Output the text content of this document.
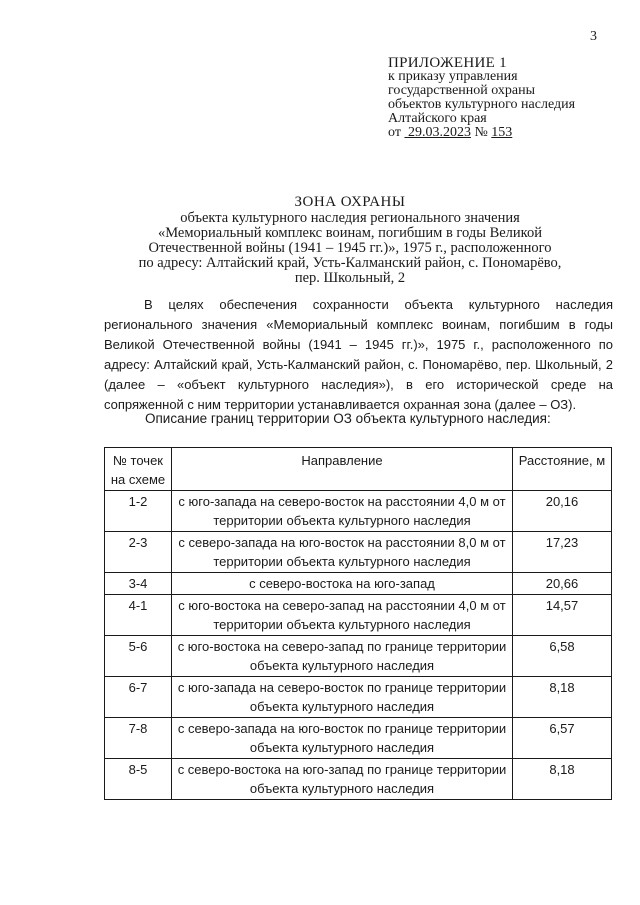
3
ПРИЛОЖЕНИЕ 1
к приказу управления
государственной охраны
объектов культурного наследия
Алтайского края
от 29.03.2023 № 153
ЗОНА ОХРАНЫ
объекта культурного наследия регионального значения
«Мемориальный комплекс воинам, погибшим в годы Великой
Отечественной войны (1941 – 1945 гг.)», 1975 г., расположенного
по адресу: Алтайский край, Усть-Калманский район, с. Пономарёво,
пер. Школьный, 2
В целях обеспечения сохранности объекта культурного наследия регионального значения «Мемориальный комплекс воинам, погибшим в годы Великой Отечественной войны (1941 – 1945 гг.)», 1975 г., расположенного по адресу: Алтайский край, Усть-Калманский район, с. Пономарёво, пер. Школьный, 2 (далее – «объект культурного наследия»), в его исторической среде на сопряженной с ним территории устанавливается охранная зона (далее – ОЗ).
Описание границ территории ОЗ объекта культурного наследия:
№ точек на схеме	Направление	Расстояние, м
1-2	с юго-запада на северо-восток на расстоянии 4,0 м от территории объекта культурного наследия	20,16
2-3	с северо-запада на юго-восток на расстоянии 8,0 м от территории объекта культурного наследия	17,23
3-4	с северо-востока на юго-запад	20,66
4-1	с юго-востока на северо-запад на расстоянии 4,0 м от территории объекта культурного наследия	14,57
5-6	с юго-востока на северо-запад по границе территории объекта культурного наследия	6,58
6-7	с юго-запада на северо-восток по границе территории объекта культурного наследия	8,18
7-8	с северо-запада на юго-восток по границе территории объекта культурного наследия	6,57
8-5	с северо-востока на юго-запад по границе территории объекта культурного наследия	8,18
